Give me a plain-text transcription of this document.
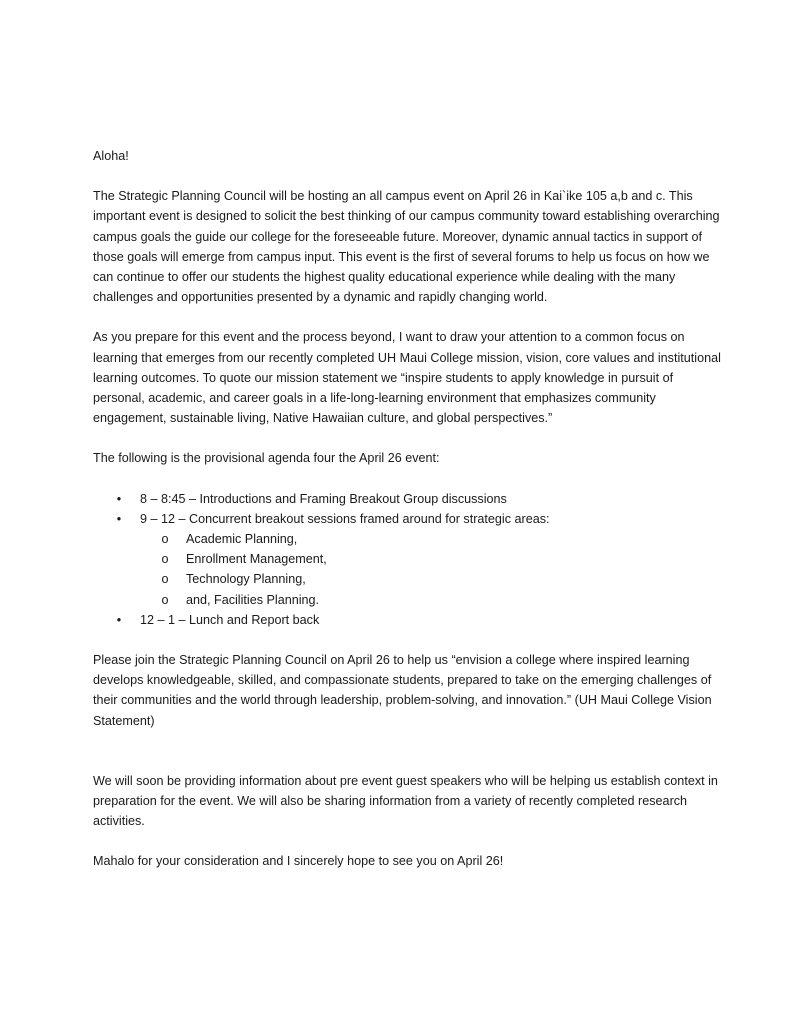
Aloha!

The Strategic Planning Council will be hosting an all campus event on April 26 in Kai`ike 105 a,b and c. This important event is designed to solicit the best thinking of our campus community toward establishing overarching campus goals the guide our college for the foreseeable future. Moreover, dynamic annual tactics in support of those goals will emerge from campus input. This event is the first of several forums to help us focus on how we can continue to offer our students the highest quality educational experience while dealing with the many challenges and opportunities presented by a dynamic and rapidly changing world.

As you prepare for this event and the process beyond, I want to draw your attention to a common focus on learning that emerges from our recently completed UH Maui College mission, vision, core values and institutional learning outcomes. To quote our mission statement we “inspire students to apply knowledge in pursuit of personal, academic, and career goals in a life-long-learning environment that emphasizes community engagement, sustainable living, Native Hawaiian culture, and global perspectives.”

The following is the provisional agenda four the April 26 event:

• 8 – 8:45 – Introductions and Framing Breakout Group discussions
• 9 – 12 – Concurrent breakout sessions framed around for strategic areas:
o Academic Planning,
o Enrollment Management,
o Technology Planning,
o and, Facilities Planning.
• 12 – 1 – Lunch and Report back

Please join the Strategic Planning Council on April 26 to help us “envision a college where inspired learning develops knowledgeable, skilled, and compassionate students, prepared to take on the emerging challenges of their communities and the world through leadership, problem-solving, and innovation.” (UH Maui College Vision Statement)

We will soon be providing information about pre event guest speakers who will be helping us establish context in preparation for the event. We will also be sharing information from a variety of recently completed research activities.

Mahalo for your consideration and I sincerely hope to see you on April 26!
